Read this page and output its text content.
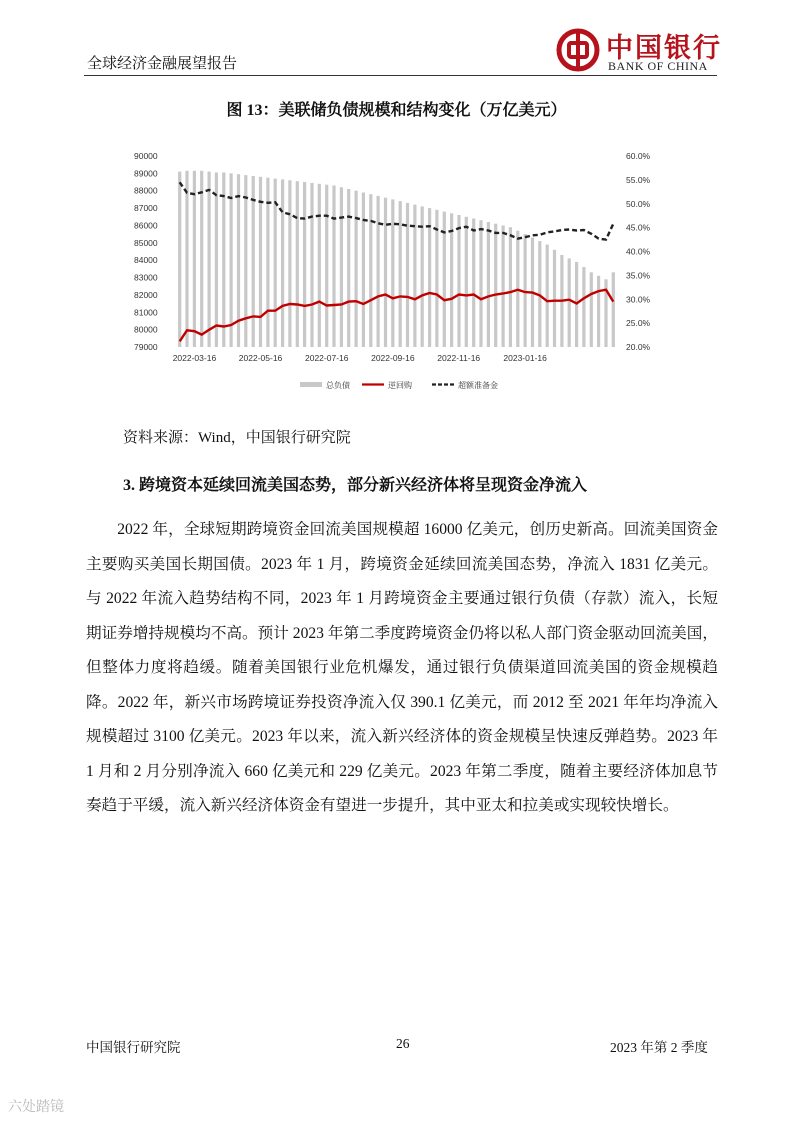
全球经济金融展望报告
中国银行
BANK OF CHINA
图 13：美联储负债规模和结构变化（万亿美元）
79000
80000
81000
82000
83000
84000
85000
86000
87000
88000
89000
90000
20.0%
25.0%
30.0%
35.0%
40.0%
45.0%
50.0%
55.0%
60.0%
2022-03-16	2022-05-16	2022-07-16	2022-09-16	2022-11-16	2023-01-16
总负债	逆回购	超额准备金
资料来源：Wind，中国银行研究院
3. 跨境资本延续回流美国态势，部分新兴经济体将呈现资金净流入

2022 年，全球短期跨境资金回流美国规模超 16000 亿美元，创历史新高。回流美国资金主要购买美国长期国债。2023 年 1 月，跨境资金延续回流美国态势，净流入 1831 亿美元。与 2022 年流入趋势结构不同，2023 年 1 月跨境资金主要通过银行负债（存款）流入，长短期证券增持规模均不高。预计 2023 年第二季度跨境资金仍将以私人部门资金驱动回流美国，但整体力度将趋缓。随着美国银行业危机爆发，通过银行负债渠道回流美国的资金规模趋降。2022 年，新兴市场跨境证券投资净流入仅 390.1 亿美元，而 2012 至 2021 年年均净流入规模超过 3100 亿美元。2023 年以来，流入新兴经济体的资金规模呈快速反弹趋势。2023 年 1 月和 2 月分别净流入 660 亿美元和 229 亿美元。2023 年第二季度，随着主要经济体加息节奏趋于平缓，流入新兴经济体资金有望进一步提升，其中亚太和拉美或实现较快增长。

中国银行研究院	26	2023 年第 2 季度
六处踏镜
